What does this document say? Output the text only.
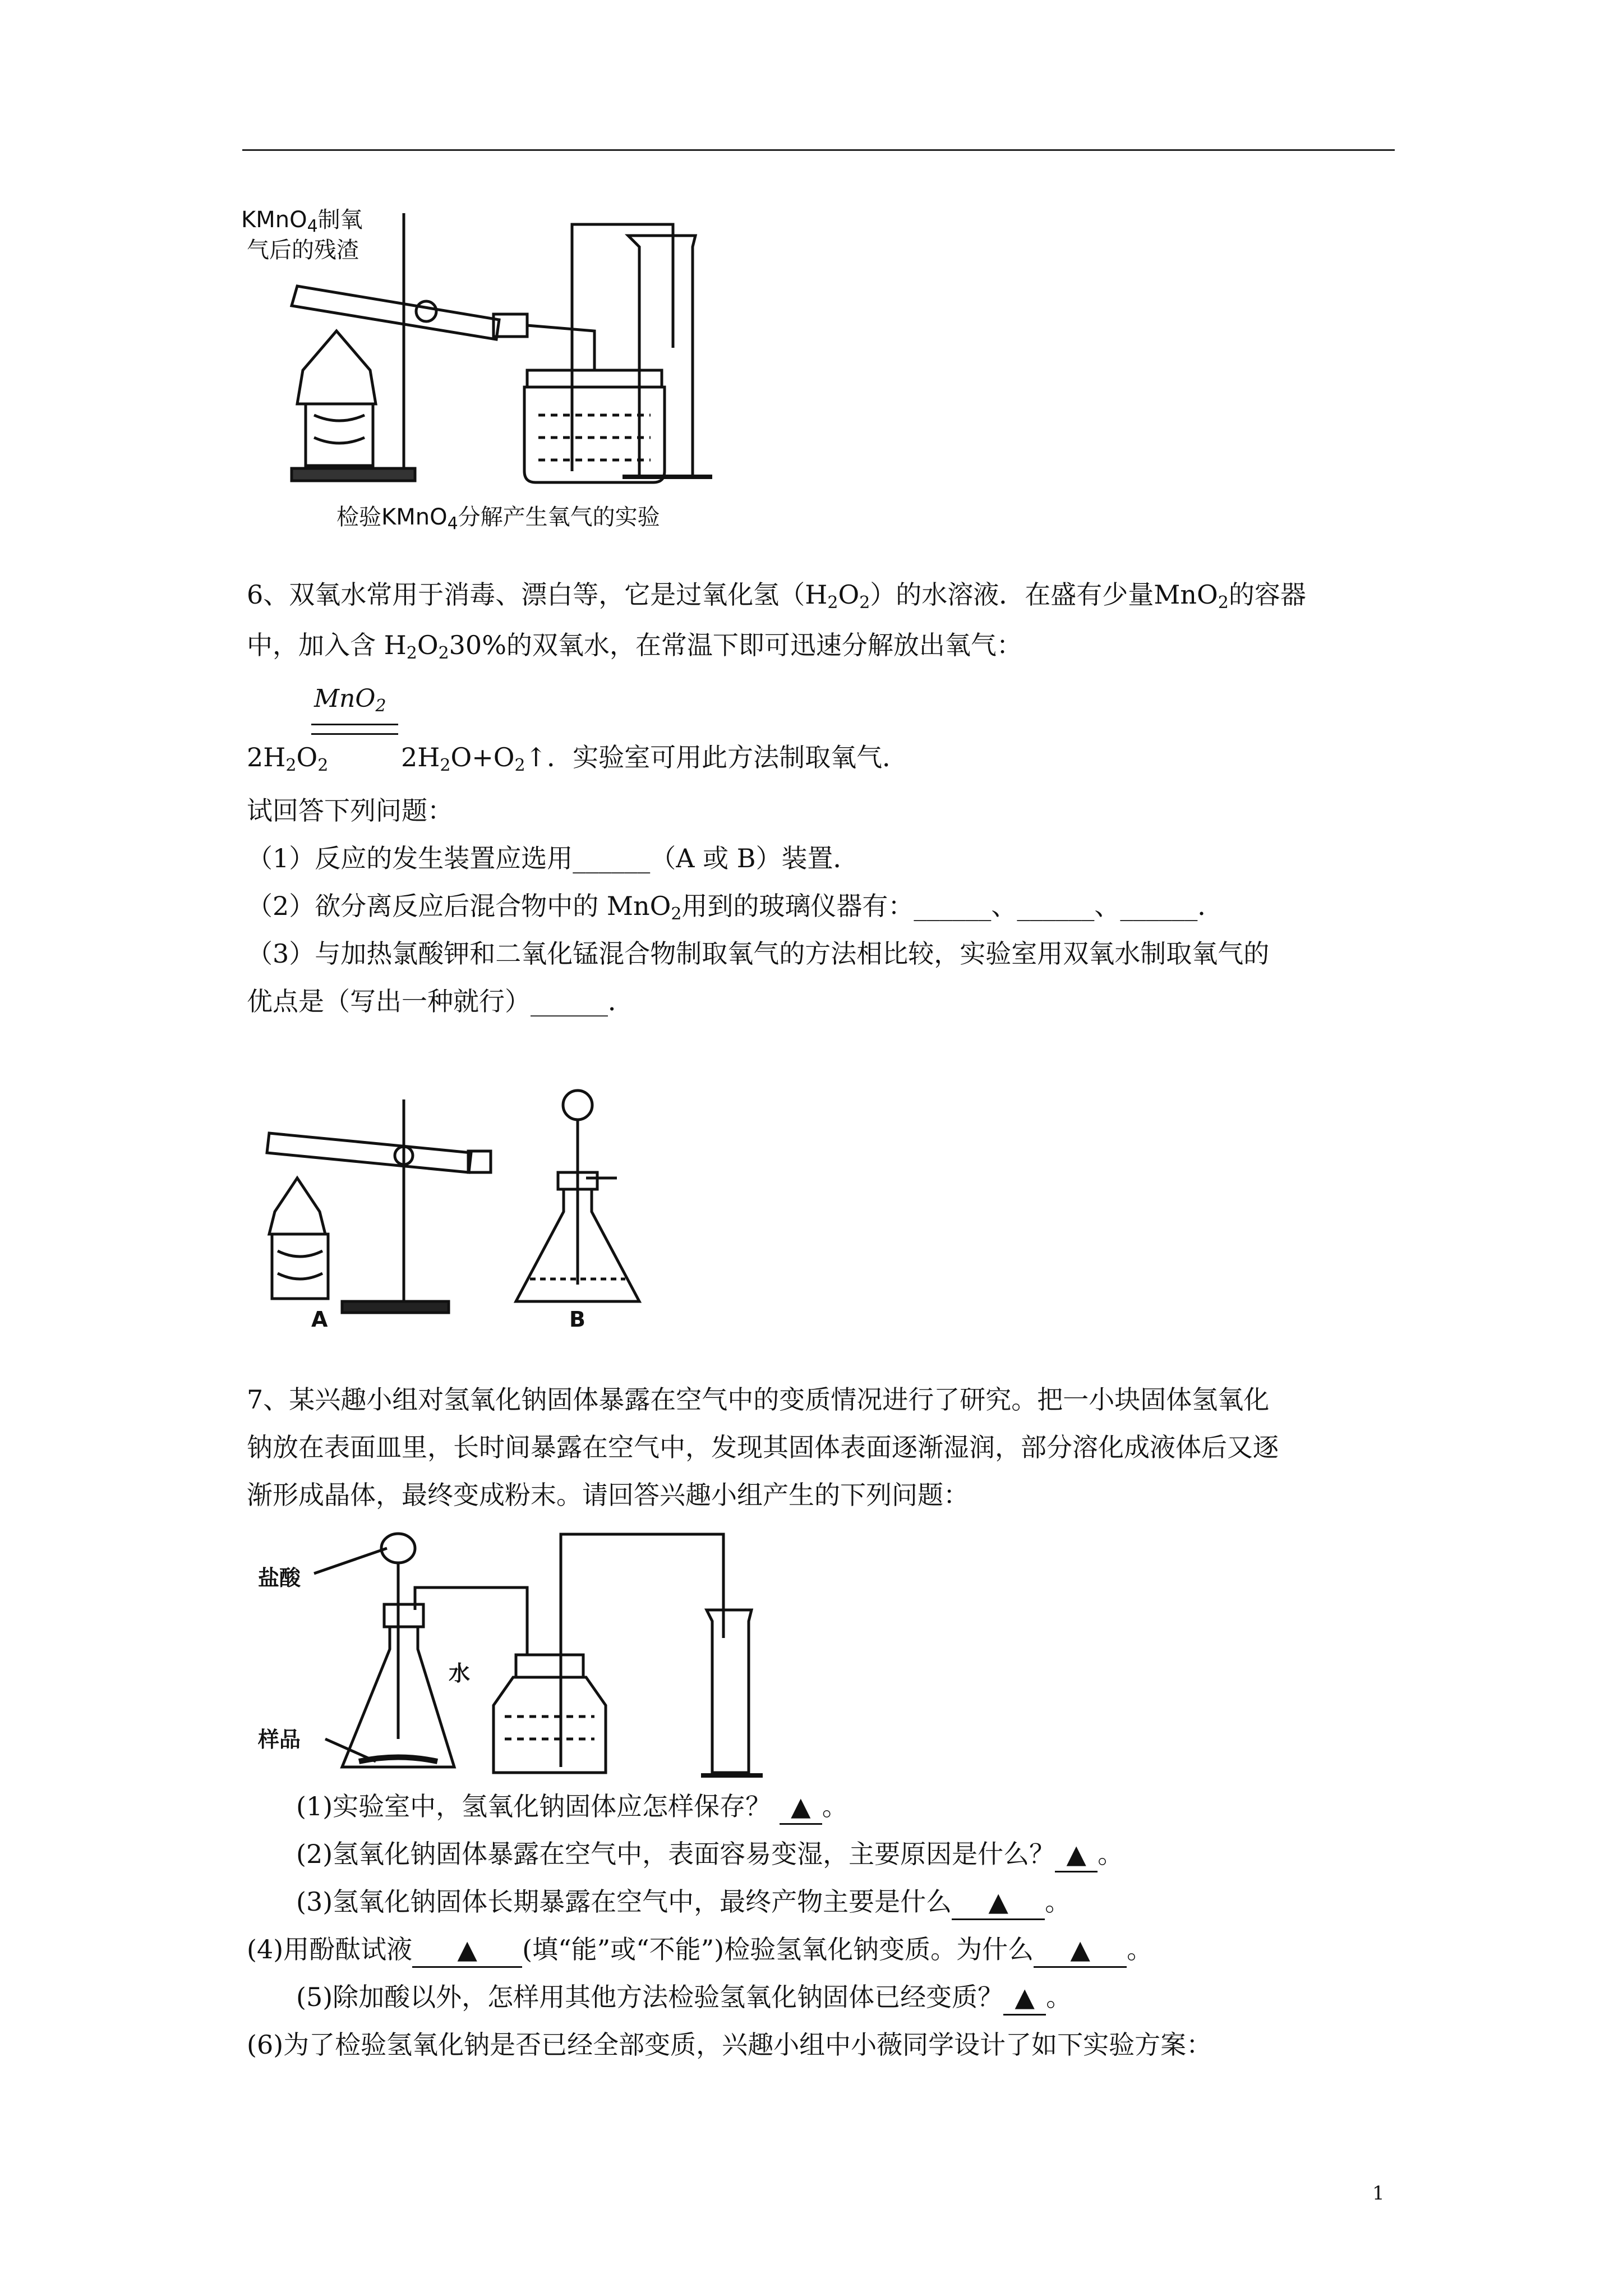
KMnO$_4$制氧
气后的残渣
检验KMnO$_4$分解产生氧气的实验
6、双氧水常用于消毒、漂白等，它是过氧化氢$(H_2O_2)$的水溶液．在盛有少量MnO$_2$的容器
中，加入含 $H_2O_230\%$的双氧水，在常温下即可迅速分解放出氧气：
MnO$_2$
$2H_2O_2$	$2H_2O+O_2↑$．实验室可用此方法制取氧气．
试回答下列问题：
（1）反应的发生装置应选用______（A 或 B）装置．
（2）欲分离反应后混合物中的 MnO$_2$用到的玻璃仪器有：______、______、______．
（3）与加热氯酸钾和二氧化锰混合物制取氧气的方法相比较，实验室用双氧水制取氧气的
优点是（写出一种就行）______．
A	B
7、某兴趣小组对氢氧化钠固体暴露在空气中的变质情况进行了研究。把一小块固体氢氧化
钠放在表面皿里，长时间暴露在空气中，发现其固体表面逐渐湿润，部分溶化成液体后又逐
渐形成晶体，最终变成粉末。请回答兴趣小组产生的下列问题：
盐酸
水
样品
(1)实验室中，氢氧化钠固体应怎样保存？ ▲ 。
(2)氢氧化钠固体暴露在空气中，表面容易变湿，主要原因是什么？ ▲ 。
(3)氢氧化钠固体长期暴露在空气中，最终产物主要是什么 ▲ 。
(4)用酚酞试液 ▲ (填“能”或“不能”)检验氢氧化钠变质。为什么 ▲ 。
(5)除加酸以外，怎样用其他方法检验氢氧化钠固体已经变质？ ▲ 。
(6)为了检验氢氧化钠是否已经全部变质，兴趣小组中小薇同学设计了如下实验方案：
1
